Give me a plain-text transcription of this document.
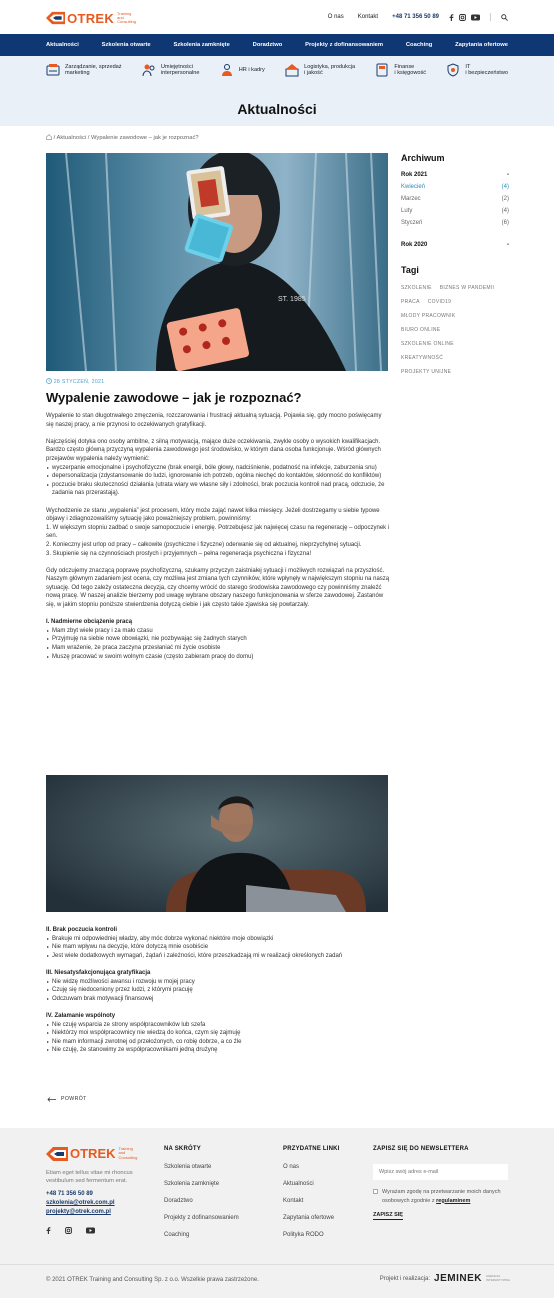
OTREK Training
and
Consulting
O nas Kontakt +48 71 356 50 89
Aktualności	Szkolenia otwarte	Szkolenia zamknięte	Doradztwo	Projekty z dofinansowaniem	Coaching	Zapytania ofertowe
Zarządzanie, sprzedaż
marketing
Umiejętności
interpersonalne
HR i kadry
Logistyka, produkcja
i jakość
Finanse
i księgowość
IT
i bezpieczeństwo
Aktualności
/ Aktualności / Wypalenie zawodowe – jak je rozpoznać?
ST. 1985
28 STYCZEŃ, 2021
Wypalenie zawodowe – jak je rozpoznać?

Wypalenie to stan długotrwałego zmęczenia, rozczarowania i frustracji aktualną sytuacją. Pojawia się, gdy mocno poświęcamy się naszej pracy, a nie przynosi to oczekiwanych gratyfikacji.

Najczęściej dotyka ono osoby ambitne, z silną motywacją, mające duże oczekiwania, zwykle osoby o wysokich kwalifikacjach. Bardzo często główną przyczyną wypalenia zawodowego jest środowisko, w którym dana osoba funkcjonuje. Wśród głównych przejawów wypalenia należy wymienić:

wyczerpanie emocjonalne i psychofizyczne (brak energii, bóle głowy, nadciśnienie, podatność na infekcje, zaburzenia snu)
depersonalizacja (zdystansowanie do ludzi, ignorowanie ich potrzeb, ogólna niechęć do kontaktów, skłonność do konfliktów)
poczucie braku skuteczności działania (utrata wiary we własne siły i zdolności, brak poczucia kontroli nad pracą, odczucie, że zadania nas przerastają).

Wychodzenie ze stanu „wypalenia” jest procesem, który może zająć nawet kilka miesięcy. Jeżeli dostrzegamy u siebie typowe objawy i zdiagnozowaliśmy sytuację jako poważniejszy problem, powinniśmy:

1. W większym stopniu zadbać o swoje samopoczucie i energię. Potrzebujesz jak najwięcej czasu na regenerację – odpoczynek i sen.

2. Konieczny jest urlop od pracy – całkowite (psychiczne i fizyczne) oderwanie się od aktualnej, nieprzychylnej sytuacji.

3. Skupienie się na czynnościach prostych i przyjemnych – pełna regeneracja psychiczna i fizyczna!

Gdy odczujemy znaczącą poprawę psychofizyczną, szukamy przyczyn zaistniałej sytuacji i możliwych rozwiązań na przyszłość. Naszym głównym zadaniem jest ocena, czy możliwa jest zmiana tych czynników, które wpłynęły w największym stopniu na naszą sytuację. Od tego zależy ostateczna decyzja, czy chcemy wrócić do starego środowiska zawodowego czy powinniśmy znaleźć nową pracę. W naszej analizie bierzemy pod uwagę wybrane obszary naszego funkcjonowania w sferze zawodowej. Zastanów się, w jakim stopniu poniższe stwierdzenia dotyczą ciebie i jak często takie zjawiska się powtarzały.

I. Nadmierne obciążenie pracą

Mam zbyt wiele pracy i za mało czasu
Przyjmuję na siebie nowe obowiązki, nie pozbywając się żadnych starych
Mam wrażenie, że praca zaczyna przesłaniać mi życie osobiste
Muszę pracować w swoim wolnym czasie (często zabieram pracę do domu)

II. Brak poczucia kontroli

Brakuje mi odpowiedniej władzy, aby móc dobrze wykonać niektóre moje obowiązki
Nie mam wpływu na decyzje, które dotyczą mnie osobiście
Jest wiele dodatkowych wymagań, żądań i zależności, które przeszkadzają mi w realizacji określonych zadań

III. Niesatysfakcjonująca gratyfikacja

Nie widzę możliwości awansu i rozwoju w mojej pracy
Czuję się niedoceniony przez ludzi, z którymi pracuję
Odczuwam brak motywacji finansowej

IV. Załamanie wspólnoty

Nie czuję wsparcia ze strony współpracowników lub szefa
Niektórzy moi współpracownicy nie wiedzą do końca, czym się zajmuję
Nie mam informacji zwrotnej od przełożonych, co robię dobrze, a co źle
Nie czuję, że stanowimy ze współpracownikami jedną drużynę
POWRÓT
Archiwum
Rok 2021	-
Kwiecień	(4)
Marzec	(2)
Luty	(4)
Styczeń	(6)
Rok 2020	-
Tagi
SZKOLENIE BIZNES W PANDEMII
PRACA COVID19
MŁODY PRACOWNIK
BIURO ONLINE
SZKOLENIE ONLINE
KREATYWNOŚĆ
PROJEKTY UNIJNE
OTREK Training
and
Consulting

Etiam eget tellus vitae mi rhoncus vestibulum sed fermentum erat.

+48 71 356 50 89

szkolenia@otrek.com.pl

projekty@otrek.com.pl

NA SKRÓTY
Szkolenia otwarte
Szkolenia zamknięte
Doradztwo
Projekty z dofinansowaniem
Coaching
PRZYDATNE LINKI
O nas
Aktualności
Kontakt
Zapytania ofertowe
Polityka RODO
ZAPISZ SIĘ DO NEWSLETTERA
Wpisz swój adres e-mail

Wyrażam zgodę na przetwarzanie moich danych osobowych zgodnie z regulaminem

ZAPISZ SIĘ
© 2021 OTREK Training and Consulting Sp. z o.o. Wszelkie prawa zastrzeżone.	Projekt i realizacja: JEMINEK AGENCJA INTERAKTYWNA
